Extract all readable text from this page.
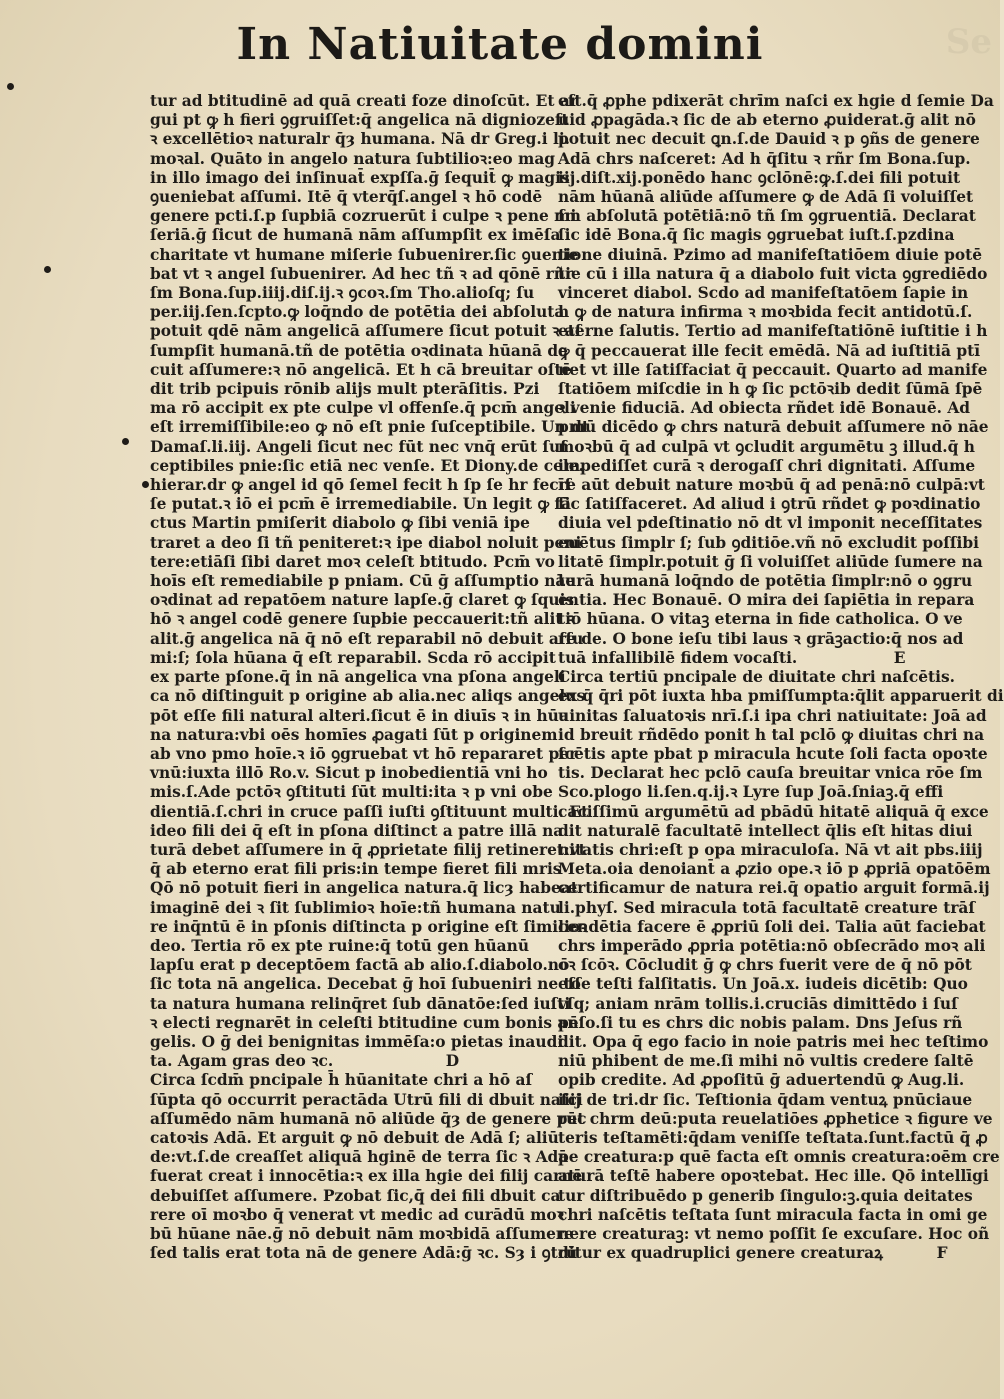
In Natiuitate domini	Se
tur ad btitudinē ad quā creati foze dinoſcūt. Et ar
gui pt ꝙ h fieri ꝯgruiſſet:q̄ angelica nā digniozeſt
ꝛ excellētioꝛ naturalr q̄ȝ humana. Nā dr Greg.i li.
moꝛal. Quāto in angelo natura ſubtilioꝛ:eo mag
in illo imago dei inſinuat̄ expſſa.ḡ ſequit̄ ꝙ magis
ꝯueniebat aſſumi. Itē q̄ vterq̄ſ.angel ꝛ hō codē
genere pcti.ſ.p ſupbiā cozruerūt i culpe ꝛ pene mi
ſeriā.ḡ ſicut de humanā nām aſſumpſit ex imēſa
charitate vt humane miſerie ſubuenirer.ſic ꝯuenie
bat vt ꝛ angel ſubuenirer. Ad hec tñ ꝛ ad qōnē rñr
ſm Bona.ſup.iiij.diſ.ij.ꝛ ꝯcoꝛ.ſm Tho.alioſq; ſu
per.iij.ſen.ſcpto.ꝙ loq̄ndo de potētia dei abſoluta
potuit qdē nām angelicā aſſumere ſicut potuit ꝛ aſ
ſumpſit humanā.tñ de potētia oꝛdinata hūanā de
cuit aſſumere:ꝛ nō angelicā. Et h cā breuitar oſtē
dit trib pcipuis rōnib alijs mult pterāſitis. Pzi
ma rō accipit ex pte culpe vl offenſe.q̄ pcm̄ angeli
eſt irremiſſibile:eo ꝙ nō eſt pnie ſuſceptibile. Un dt
Damaſ.li.iij. Angeli ſicut nec fūt nec vnq̄ erūt ſuſ
ceptibiles pnie:ſic etiā nec venſe. Et Diony.de cele.
hierar.dr ꝙ angel id qō ſemel fecit h ſp ſe hr fecīſ
ſe putat.ꝛ iō ei pcm̄ ē irremediabile. Un legit ꝙ ſā
ctus Martin pmiſerit diabolo ꝙ ſibi veniā ipe
traret a deo ſi tñ peniteret:ꝛ ipe diabol noluit peni
tere:etiāſi ſibi daret moꝛ celeſt btitudo. Pcm̄ vo
hoīs eſt remediabile p pniam. Cū ḡ aſſumptio nāe
oꝛdinat ad repatōem nature lapſe.ḡ claret ꝙ ſquis
hō ꝛ angel codē genere ſupbie peccauerit:tñ alit ꝛ
alit.ḡ angelica nā q̄ nō eſt reparabil nō debuit aſſu
mi:ſ; ſola hūana q̄ eſt reparabil. Scda rō accipit
ex parte pſone.q̄ in nā angelica vna pſona angeli
ca nō diſtinguit p origine ab alia.nec aliqs angelus
pōt eſſe fili natural alteri.ſicut ē in diuīs ꝛ in hūa
na natura:vbi oēs homīes ꝓagati ſūt p originem
ab vno pmo hoīe.ꝛ iō ꝯgruebat vt hō repararet per
vnū:iuxta illō Ro.v. Sicut p inobedientiā vni ho
mis.ſ.Ade pctōꝛ ꝯſtituti ſūt multi:ita ꝛ p vni obe
dientiā.ſ.chri in cruce paſſi iuſti ꝯſtituunt multi. Et
ideo fili dei q̄ eſt in pſona diſtinct a patre illā na
turā debet aſſumere in q̄ ꝓprietate filij retineret:vt
q̄ ab eterno erat fili pris:in tempe fieret fili mris
Qō nō potuit fieri in angelica natura.q̄ licȝ habeat
imaginē dei ꝛ ſit ſublimioꝛ hoīe:tñ humana natu
re inq̄ntū ē in pſonis diſtincta p origine eſt ſimilioꝛ
deo. Tertia rō ex pte ruine:q̄ totū gen hūanū
lapſu erat p deceptōem factā ab alio.ſ.diabolo.nō
ſic tota nā angelica. Decebat ḡ hoī ſubueniri ne to
ta natura humana relinq̄ret ſub dānatōe:ſed iuſti
ꝛ electi regnarēt in celeſti btitudine cum bonis an
gelis. O ḡ dei benignitas immēſa:o pietas inaudi
ta. Agam gras deo ꝛc.                     D
Circa ſcdm̄ pncipale h̄ hūanitate chri a hō aſ
ſūpta qō occurrit peractāda Utrū fili di dbuit naſci
aſſumēdo nām humanā nō aliūde q̄ȝ de genere pec
catoꝛis Adā. Et arguit ꝙ nō debuit de Adā ſ; aliū
de:vt.ſ.de creaſſet aliquā hginē de terra ſic ꝛ Adā
fuerat creat i innocētia:ꝛ ex illa hgie dei filij carnē
debuiſſet aſſumere. Pzobat ſic,q̄ dei fili dbuit ca
rere oī moꝛbo q̄ venerat vt medic ad curādū moꝛ
bū hūane nāe.ḡ nō debuit nām moꝛbidā aſſumere
ſed talis erat tota nā de genere Adā:ḡ ꝛc. Sȝ i ꝯtrū
eſt.q̄ ꝓphe pdixerāt chrīm naſci ex hgie d ſemie Da
uid ꝓpagāda.ꝛ ſic de ab eterno ꝓuiderat.ḡ alit nō
potuit nec decuit ꝗn.ſ.de Dauid ꝛ p ꝯñs de genere
Adā chrs naſceret: Ad h q̄ſitu ꝛ rñr ſm Bona.ſup.
iij.diſt.xij.ponēdo hanc ꝯclōnē:ꝙ.ſ.dei fili potuit
nām hūanā aliūde aſſumere ꝙ de Adā ſi voluiſſet
ſm abſolutā potētiā:nō tñ ſm ꝯgruentiā. Declarat
ſic idē Bona.q̄ ſic magis ꝯgruebat iuſt.ſ.pzdina
tione diuinā. Pzimo ad manifeſtatiōem diuie potē
tie cū i illa natura q̄ a diabolo fuit victa ꝯgrediēdo
vinceret diabol. Scdo ad manifeſtatōem ſapie in
h ꝙ de natura infirma ꝛ moꝛbida fecit antidotū.ſ.
eterne ſalutis. Tertio ad manifeſtatiōnē iuſtitie i h
ꝙ q̄ peccauerat ille fecit emēdā. Nā ad iuſtitiā ptī
net vt ille ſatiſfaciat q̄ peccauit. Quarto ad manife
ſtatiōem miſcdie in h ꝙ ſic pctōꝛib dedit ſūmā ſpē
ꝛ venie fiduciā. Ad obiecta rñdet idē Bonauē. Ad
pmū dicēdo ꝙ chrs naturā debuit aſſumere nō nāe
moꝛbū q̄ ad culpā vt ꝯcludit argumētu ꝫ illud.q̄ h
impediſſet curā ꝛ derogaſſ chri dignitati. Aſſume
re aūt debuit nature moꝛbū q̄ ad penā:nō culpā:vt
ſic ſatiſfaceret. Ad aliud i ꝯtrū rñdet ꝙ poꝛdinatio
diuia vel pdeſtinatio nō dt vl imponit neceſſitates
euētus ſimplr ſ; ſub ꝯditiōe.vñ nō excludit poſſibi
litatē ſimplr.potuit ḡ ſi voluiſſet aliūde ſumere na
turā humanā loq̄ndo de potētia ſimplr:nō o ꝯgru
entia. Hec Bonauē. O mira dei ſapiētia in repara
tiō hūana. O vitaꝫ eterna in fide catholica. O ve
re de. O bone ieſu tibi laus ꝛ grāꝫactio:q̄ nos ad
tuā infallibilē fidem vocaſti.                  E
Circa tertiū pncipale de diuitate chri naſcētis.
ex q̄ q̄ri pōt iuxta hba pmiſſumpta:q̄lit apparuerit di
uinitas ſaluatoꝛis nrī.ſ.i ipa chri natiuitate: Joā ad
id breuit rñdēdo ponit h tal pclō ꝙ diuitas chri na
ſcētis apte pbat p miracula hcute ſoli facta opoꝛte
tis. Declarat hec pclō cauſa breuitar vnica rōe ſm
Sco.plogo li.ſen.q.ij.ꝛ Lyre ſup Joā.ſniaꝫ.q̄ effi
caciſſimū argumētū ad pbādū hitatē aliquā q̄ exce
dit naturalē facultatē intellect q̄lis eſt hitas diui
nitatis chri:eſt p opa miraculoſa. Nā vt ait pbs.iiij
Meta.oia denoiant̄ a ꝓzio ope.ꝛ iō p ꝓpriā opatōēm
certificamur de natura rei.q̄ opatio arguit formā.ij
li.phyſ. Sed miracula totā facultatē creature trāſ
cendētia facere ē ꝓpriū ſoli dei. Talia aūt faciebat
chrs imperādo ꝓpria potētia:nō obſecrādo moꝛ ali
oꝛ ſcōꝛ. Cōcludit ḡ ꝙ chrs fuerit vere de q̄ nō pōt
eſſe teſti falſitatis. Un Joā.x. iudeis dicētib: Quo
vſq; aniam nrām tollis.i.cruciās dimittēdo i ſuſ
pēſo.ſi tu es chrs dic nobis palam. Dns Jeſus rñ
dit. Opa q̄ ego facio in noie patris mei hec teſtimo
niū phibent de me.ſi mihi nō vultis credere ſaltē
opib credite. Ad ꝓpoſitū ḡ aduertendū ꝙ Aug.li.
iiij de tri.dr ſic. Teſtionia q̄dam ventuꝝ pnūciaue
rūt chrm deū:puta reuelatiōes ꝓphetice ꝛ figure ve
teris teſtamēti:q̄dam veniſſe teſtata.ſunt.factū q̄ ꝓ
pe creatura:p quē facta eſt omnis creatura:oēm cre
aturā teſtē habere opoꝛtebat. Hec ille. Qō intellīgi
tur diſtribuēdo p generib ſingulo:ꝫ.quia deitates
chri naſcētis teſtata ſunt miracula facta in omi ge
nere creaturaꝫ: vt nemo poſſit ſe excuſare. Hoc oñ
ditur ex quadruplici genere creaturaꝝ          F
